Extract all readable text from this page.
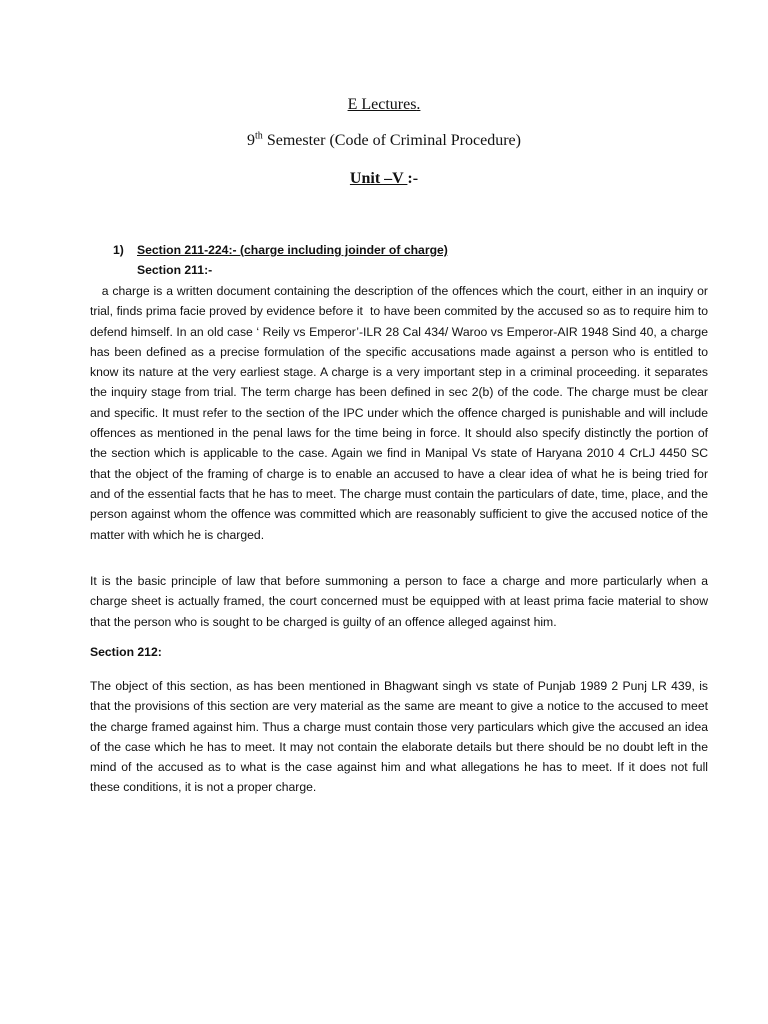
E Lectures.
9th Semester (Code of Criminal Procedure)
Unit –V :-
1) Section 211-224:- (charge including joinder of charge)
Section 211:-

a charge is a written document containing the description of the offences which the court, either in an inquiry or trial, finds prima facie proved by evidence before it  to have been commited by the accused so as to require him to defend himself. In an old case ‘ Reily vs Emperor’-ILR 28 Cal 434/ Waroo vs Emperor-AIR 1948 Sind 40, a charge has been defined as a precise formulation of the specific accusations made against a person who is entitled to know its nature at the very earliest stage. A charge is a very important step in a criminal proceeding. it separates the inquiry stage from trial. The term charge has been defined in sec 2(b) of the code. The charge must be clear and specific. It must refer to the section of the IPC under which the offence charged is punishable and will include offences as mentioned in the penal laws for the time being in force. It should also specify distinctly the portion of the section which is applicable to the case. Again we find in Manipal Vs state of Haryana 2010 4 CrLJ 4450 SC that the object of the framing of charge is to enable an accused to have a clear idea of what he is being tried for and of the essential facts that he has to meet. The charge must contain the particulars of date, time, place, and the person against whom the offence was committed which are reasonably sufficient to give the accused notice of the matter with which he is charged.

It is the basic principle of law that before summoning a person to face a charge and more particularly when a charge sheet is actually framed, the court concerned must be equipped with at least prima facie material to show that the person who is sought to be charged is guilty of an offence alleged against him.

Section 212:

The object of this section, as has been mentioned in Bhagwant singh vs state of Punjab 1989 2 Punj LR 439, is that the provisions of this section are very material as the same are meant to give a notice to the accused to meet the charge framed against him. Thus a charge must contain those very particulars which give the accused an idea of the case which he has to meet. It may not contain the elaborate details but there should be no doubt left in the mind of the accused as to what is the case against him and what allegations he has to meet. If it does not full these conditions, it is not a proper charge.
